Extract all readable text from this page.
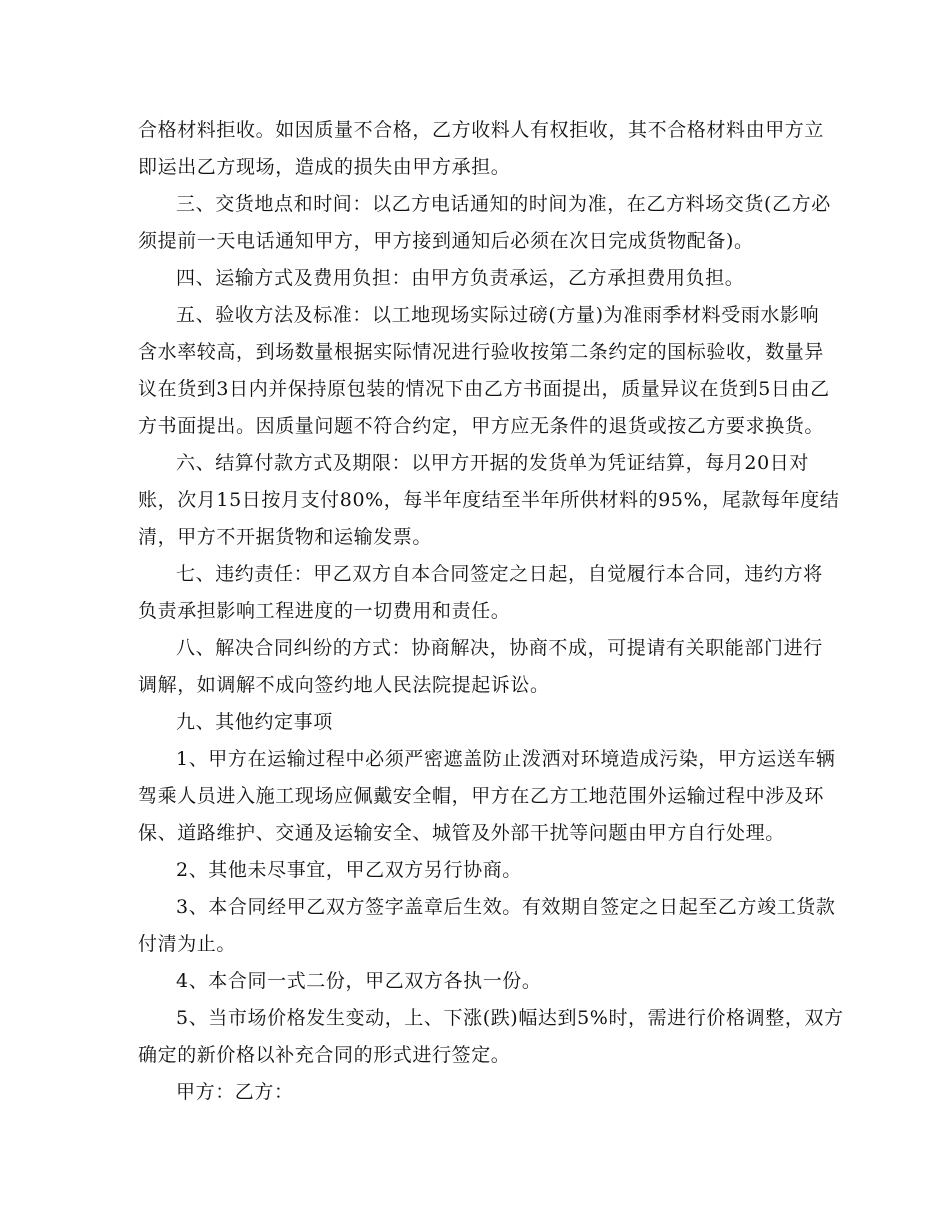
合格材料拒收。如因质量不合格，乙方收料人有权拒收，其不合格材料由甲方立

即运出乙方现场，造成的损失由甲方承担。

三、交货地点和时间：以乙方电话通知的时间为准，在乙方料场交货(乙方必

须提前一天电话通知甲方，甲方接到通知后必须在次日完成货物配备)。

四、运输方式及费用负担：由甲方负责承运，乙方承担费用负担。

五、验收方法及标准：以工地现场实际过磅(方量)为准雨季材料受雨水影响

含水率较高，到场数量根据实际情况进行验收按第二条约定的国标验收，数量异

议在货到3日内并保持原包装的情况下由乙方书面提出，质量异议在货到5日由乙

方书面提出。因质量问题不符合约定，甲方应无条件的退货或按乙方要求换货。

六、结算付款方式及期限：以甲方开据的发货单为凭证结算，每月20日对

账，次月15日按月支付80%，每半年度结至半年所供材料的95%，尾款每年度结

清，甲方不开据货物和运输发票。

七、违约责任：甲乙双方自本合同签定之日起，自觉履行本合同，违约方将

负责承担影响工程进度的一切费用和责任。

八、解决合同纠纷的方式：协商解决，协商不成，可提请有关职能部门进行

调解，如调解不成向签约地人民法院提起诉讼。

九、其他约定事项

1、甲方在运输过程中必须严密遮盖防止泼洒对环境造成污染，甲方运送车辆

驾乘人员进入施工现场应佩戴安全帽，甲方在乙方工地范围外运输过程中涉及环

保、道路维护、交通及运输安全、城管及外部干扰等问题由甲方自行处理。

2、其他未尽事宜，甲乙双方另行协商。

3、本合同经甲乙双方签字盖章后生效。有效期自签定之日起至乙方竣工货款

付清为止。

4、本合同一式二份，甲乙双方各执一份。

5、当市场价格发生变动，上、下涨(跌)幅达到5%时，需进行价格调整，双方

确定的新价格以补充合同的形式进行签定。

甲方：乙方：
